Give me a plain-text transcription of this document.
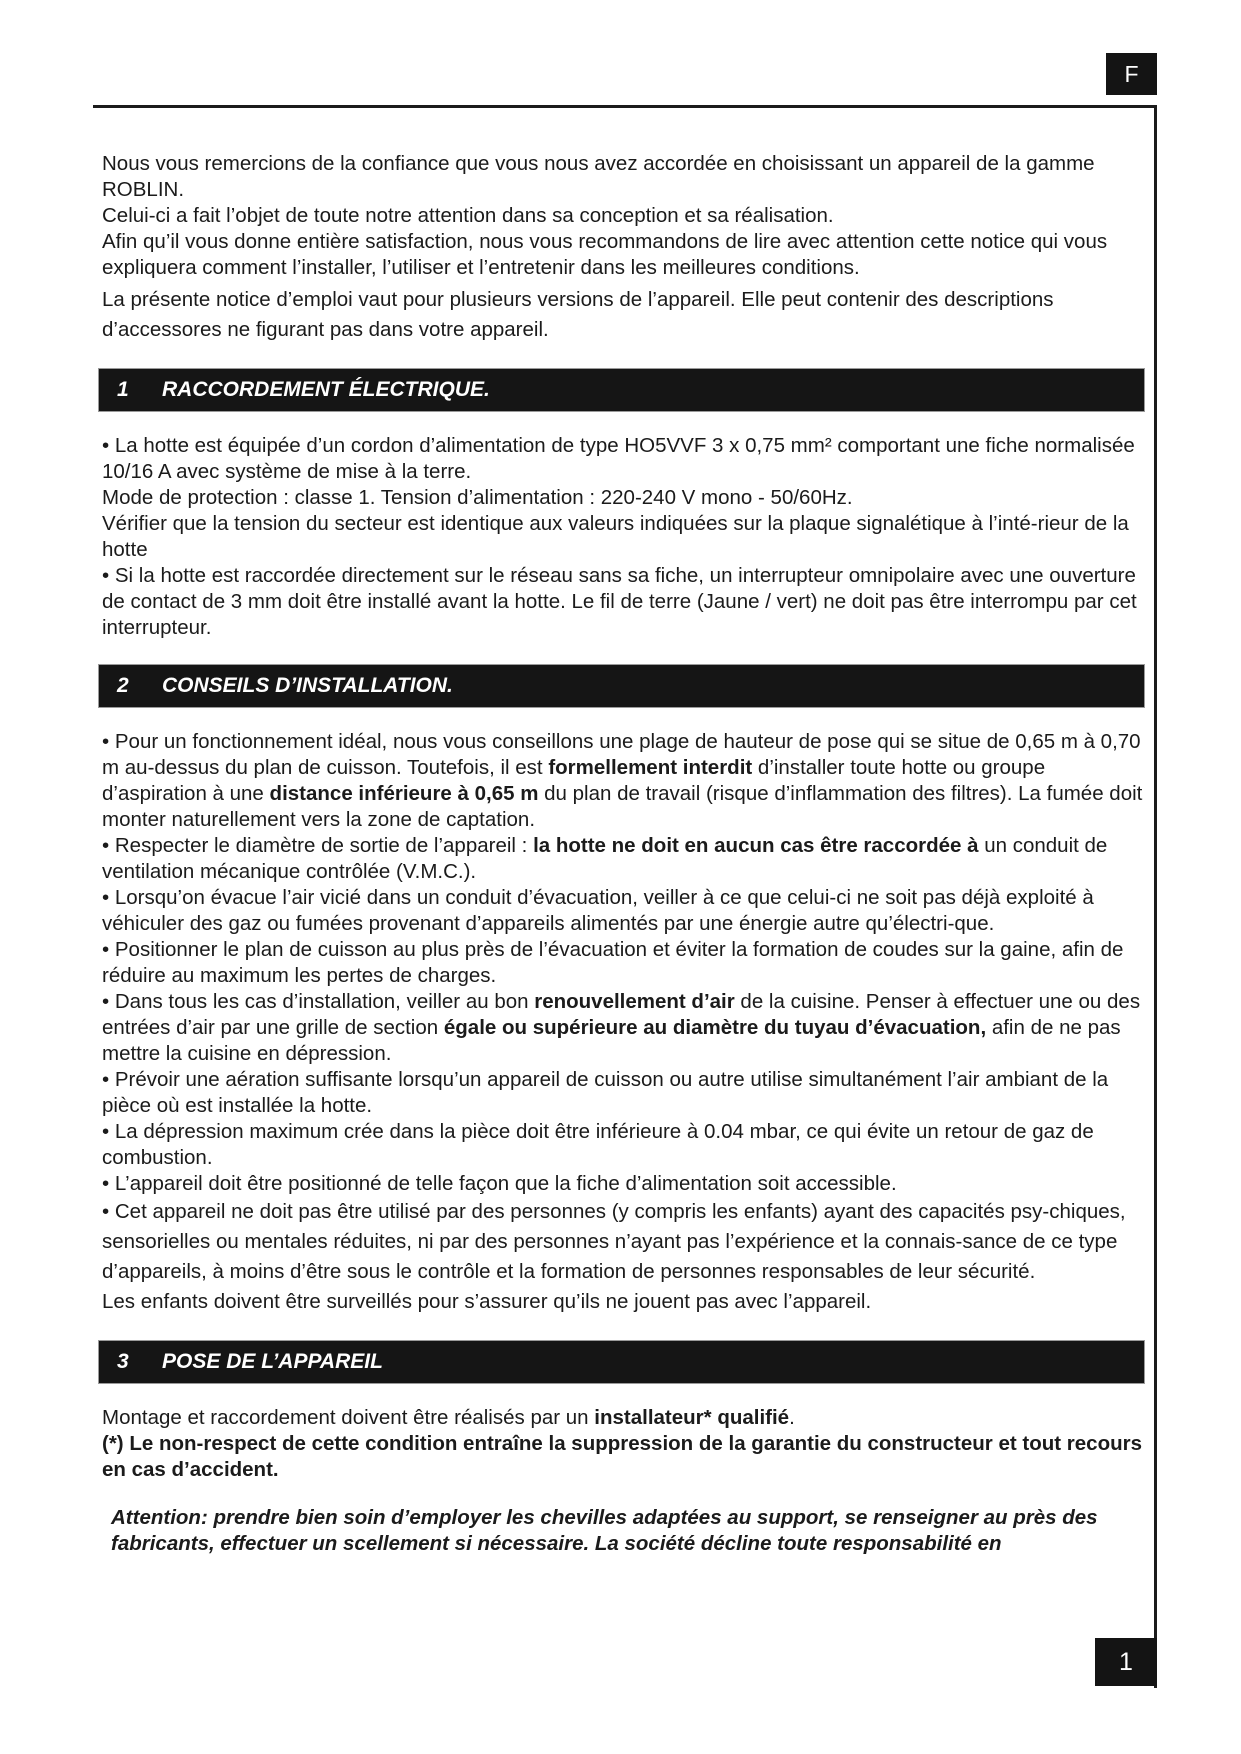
F

Nous vous remercions de la confiance que vous nous avez accordée en choisissant un appareil de la gamme ROBLIN.

Celui-ci a fait l’objet de toute notre attention dans sa conception et sa réalisation.

Afin qu’il vous donne entière satisfaction, nous vous recommandons de lire avec attention cette notice qui vous expliquera comment l’installer, l’utiliser et l’entretenir dans les meilleures conditions.

La présente notice d’emploi vaut pour plusieurs versions de l’appareil. Elle peut contenir des descriptions d’accessores ne figurant pas dans votre appareil.

1	RACCORDEMENT ÉLECTRIQUE.

• La hotte est équipée d’un cordon d’alimentation de type HO5VVF 3 x 0,75 mm² comportant une fiche normalisée 10/16 A avec système de mise à la terre.

Mode de protection : classe 1. Tension d’alimentation : 220-240 V mono - 50/60Hz.

Vérifier que la tension du secteur est identique aux valeurs indiquées sur la plaque signalétique à l’inté-rieur de la hotte

• Si la hotte est raccordée directement sur le réseau sans sa fiche, un interrupteur omnipolaire avec une ouverture de contact de 3 mm doit être installé avant la hotte. Le fil de terre (Jaune / vert) ne doit pas être interrompu par cet interrupteur.

2	CONSEILS D’INSTALLATION.

• Pour un fonctionnement idéal, nous vous conseillons une plage de hauteur de pose qui se situe de 0,65 m à 0,70 m au-dessus du plan de cuisson. Toutefois, il est formellement interdit d’installer toute hotte ou groupe d’aspiration à une distance inférieure à 0,65 m du plan de travail (risque d’inflammation des filtres). La fumée doit monter naturellement vers la zone de captation.

• Respecter le diamètre de sortie de l’appareil : la hotte ne doit en aucun cas être raccordée à un conduit de ventilation mécanique contrôlée (V.M.C.).

• Lorsqu’on évacue l’air vicié dans un conduit d’évacuation, veiller à ce que celui-ci ne soit pas déjà exploité à véhiculer des gaz ou fumées provenant d’appareils alimentés par une énergie autre qu’électri-que.

• Positionner le plan de cuisson au plus près de l’évacuation et éviter la formation de coudes sur la gaine, afin de réduire au maximum les pertes de charges.

• Dans tous les cas d’installation, veiller au bon renouvellement d’air de la cuisine. Penser à effectuer une ou des entrées d’air par une grille de section égale ou supérieure au diamètre du tuyau d’évacuation, afin de ne pas mettre la cuisine en dépression.

• Prévoir une aération suffisante lorsqu’un appareil de cuisson ou autre utilise simultanément l’air ambiant de la pièce où est installée la hotte.

• La dépression maximum crée dans la pièce doit être inférieure à 0.04 mbar, ce qui évite un retour de gaz de combustion.

• L’appareil doit être positionné de telle façon que la fiche d’alimentation soit accessible.

• Cet appareil ne doit pas être utilisé par des personnes (y compris les enfants) ayant des capacités psy-chiques, sensorielles ou mentales réduites, ni par des personnes n’ayant pas l’expérience et la connais-sance de ce type d’appareils, à moins d’être sous le contrôle et la formation de personnes responsables de leur sécurité.

Les enfants doivent être surveillés pour s’assurer qu’ils ne jouent pas avec l’appareil.

3	POSE DE L’APPAREIL

Montage et raccordement doivent être réalisés par un installateur* qualifié.

(*) Le non-respect de cette condition entraîne la suppression de la garantie du constructeur et tout recours en cas d’accident.

Attention: prendre bien soin d’employer les chevilles adaptées au support, se renseigner au près des fabricants, effectuer un scellement si nécessaire. La société décline toute responsabilité en

1
